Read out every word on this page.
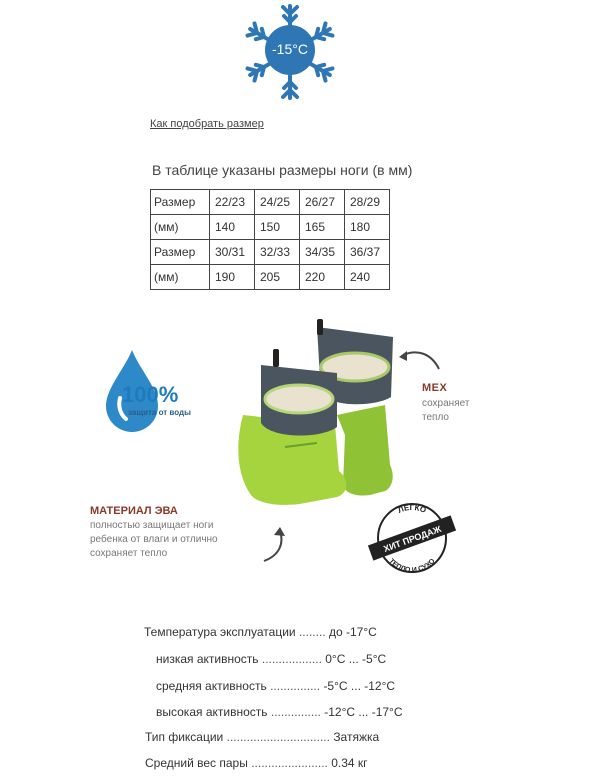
-15°C
Как подобрать размер
В таблице указаны размеры ноги (в мм)
Размер	22/23	24/25	26/27	28/29
(мм)	140	150	165	180
Размер	30/31	32/33	34/35	36/37
(мм)	190	205	220	240
100%
защита от воды
МЕХ
сохраняет
тепло
МАТЕРИАЛ ЭВА
полностью защищает ноги
ребенка от влаги и отлично
сохраняет тепло
ЛЕГКО
ТЕПЛО И СУХО
ХИТ ПРОДАЖ
Температура эксплуатации ........ до -17°С
низкая активность .................. 0°С ... -5°С
средняя активность ............... -5°С ... -12°С
высокая активность ............... -12°С ... -17°С
Тип фиксации ............................... Затяжка
Средний вес пары ....................... 0.34 кг
